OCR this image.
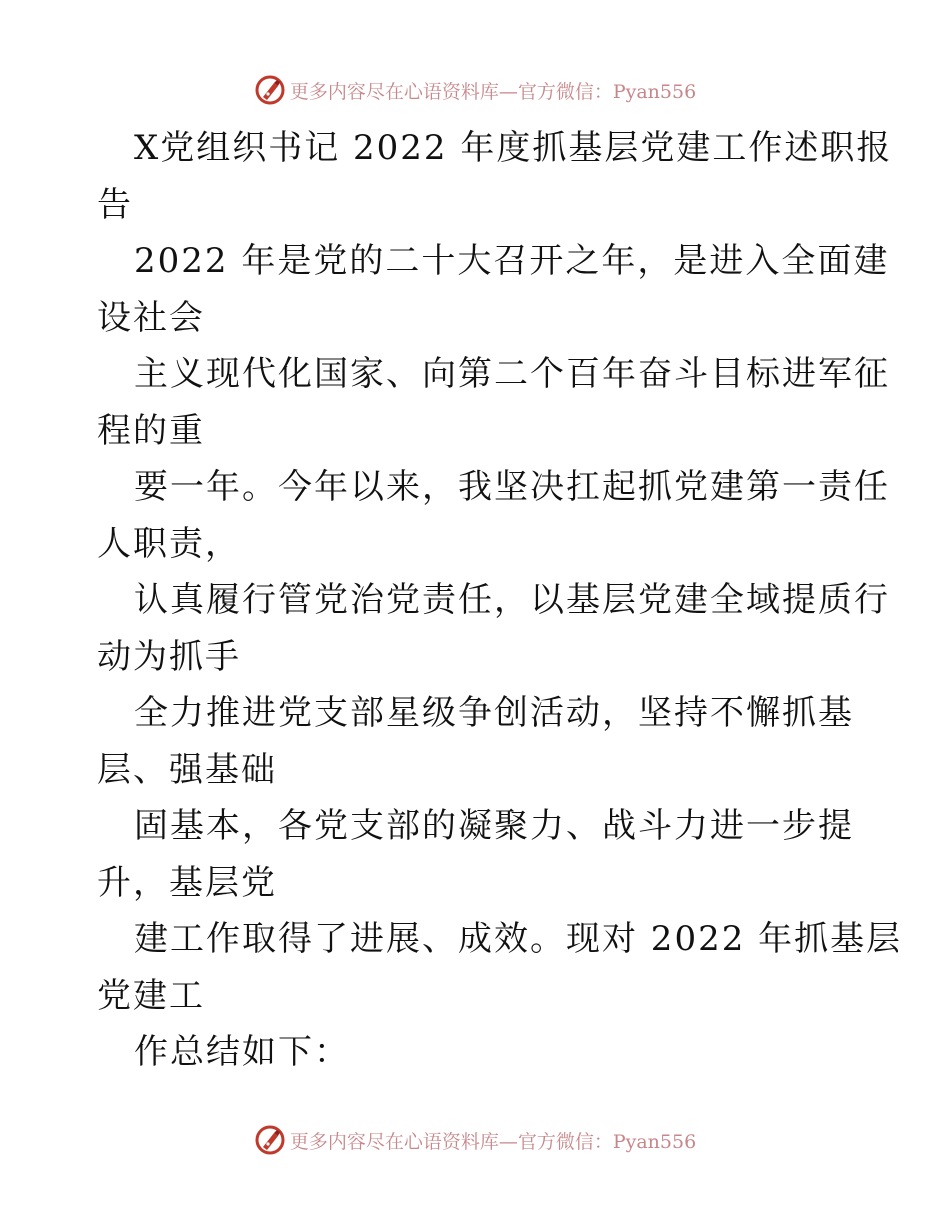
更多内容尽在心语资料库—官方微信：Pyan556
X党组织书记 2022 年度抓基层党建工作述职报
告
2022 年是党的二十大召开之年，是进入全面建
设社会
主义现代化国家、向第二个百年奋斗目标进军征
程的重
要一年。今年以来，我坚决扛起抓党建第一责任
人职责，
认真履行管党治党责任，以基层党建全域提质行
动为抓手
全力推进党支部星级争创活动，坚持不懈抓基
层、强基础
固基本，各党支部的凝聚力、战斗力进一步提
升，基层党
建工作取得了进展、成效。现对 2022 年抓基层
党建工
作总结如下：
更多内容尽在心语资料库—官方微信：Pyan556
